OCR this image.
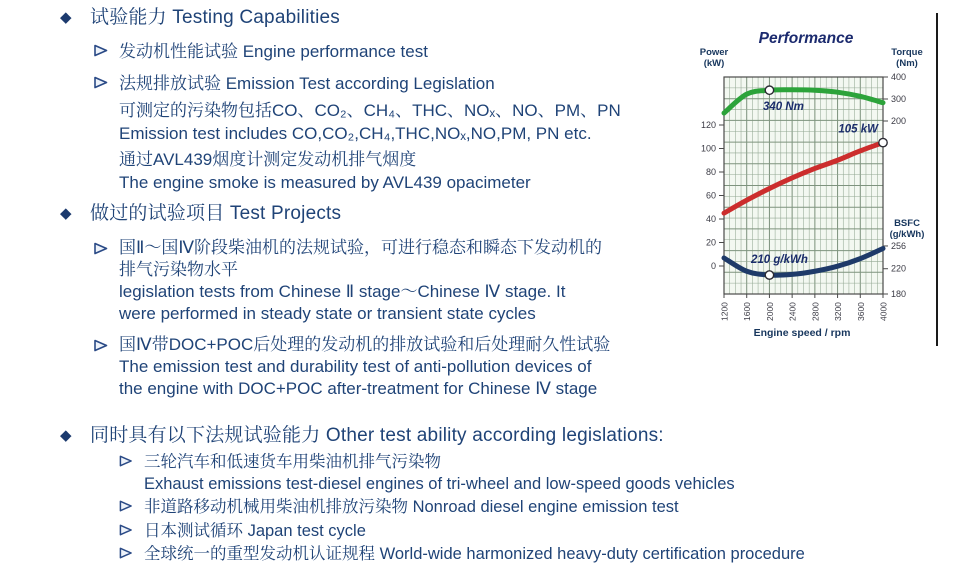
◆ 试验能力 Testing Capabilities
发动机性能试验 Engine performance test
法规排放试验 Emission Test according Legislation
可测定的污染物包括CO、CO₂、CH₄、THC、NOₓ、NO、PM、PN
Emission test includes CO,CO₂,CH₄,THC,NOₓ,NO,PM, PN etc.
通过AVL439烟度计测定发动机排气烟度
The engine smoke is measured by AVL439 opacimeter
◆ 做过的试验项目 Test Projects
国Ⅱ～国Ⅳ阶段柴油机的法规试验，可进行稳态和瞬态下发动机的
排气污染物水平
legislation tests from Chinese Ⅱ stage～Chinese Ⅳ stage. It
were performed in steady state or transient state cycles
国Ⅳ带DOC+POC后处理的发动机的排放试验和后处理耐久性试验
The emission test and durability test of anti-pollution devices of
the engine with DOC+POC after-treatment for Chinese Ⅳ stage
◆ 同时具有以下法规试验能力 Other test ability according legislations:
三轮汽车和低速货车用柴油机排气污染物
Exhaust emissions test-diesel engines of tri-wheel and low-speed goods vehicles
非道路移动机械用柴油机排放污染物 Nonroad diesel engine emission test
日本测试循环 Japan test cycle
全球统一的重型发动机认证规程 World-wide harmonized heavy-duty certification procedure
0
20
40
60
80
100
120	200
300
400
180
220
256
1200 1600 2000 2400 2800 3200 3600 4000
340 Nm
105 kW
210 g/kWh
Performance
Power
(kW)
Torque
(Nm)
BSFC
(g/kWh)
Engine speed / rpm
